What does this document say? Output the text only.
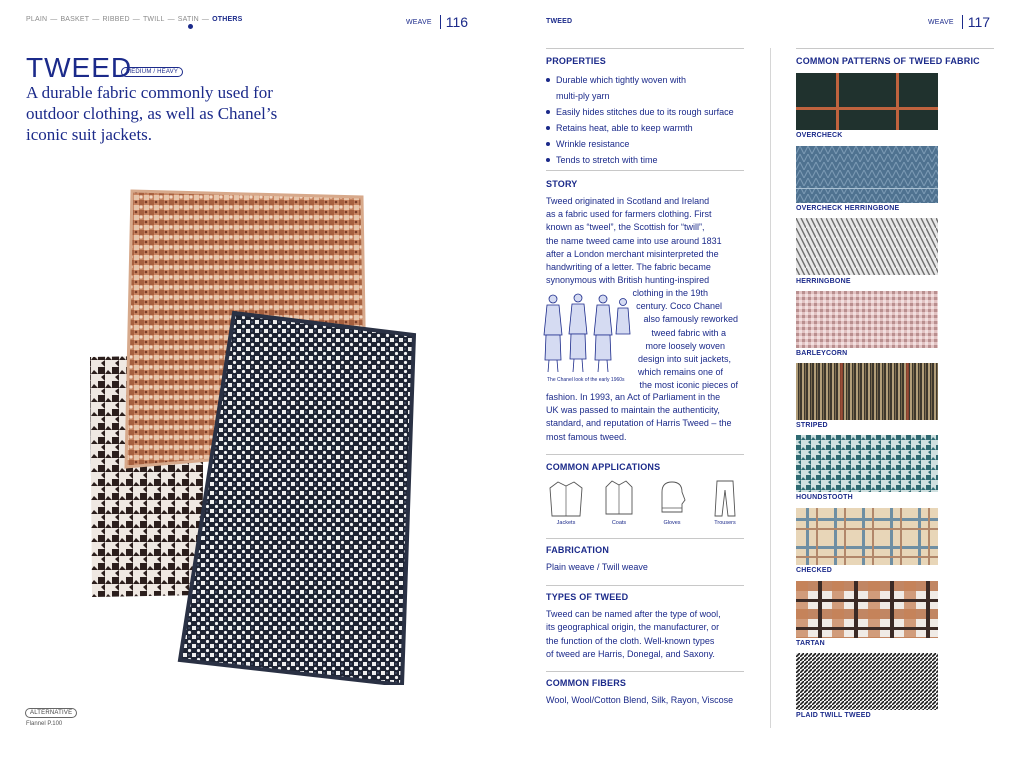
PLAIN — BASKET — RIBBED — TWILL — SATIN — OTHERS	WEAVE 116
TWEED
MEDIUM / HEAVY
A durable fabric commonly used for
outdoor clothing, as well as Chanel’s
iconic suit jackets.
ALTERNATIVE
Flannel P.100
TWEED
PROPERTIES
Durable which tightly woven with
multi-ply yarn
Easily hides stitches due to its rough surface
Retains heat, able to keep warmth
Wrinkle resistance
Tends to stretch with time
STORY
Tweed originated in Scotland and Ireland
as a fabric used for farmers clothing. First
known as “tweel”, the Scottish for “twill”,
the name tweed came into use around 1831
after a London merchant misinterpreted the
handwriting of a letter. The fabric became
synonymous with British hunting-inspired
clothing in the 19th
century. Coco Chanel
also famously reworked
tweed fabric with a
more loosely woven
design into suit jackets,
which remains one of
the most iconic pieces of
The Chanel look of the early 1960s
fashion. In 1993, an Act of Parliament in the
UK was passed to maintain the authenticity,
standard, and reputation of Harris Tweed – the
most famous tweed.
COMMON APPLICATIONS
Jackets	Coats	Gloves	Trousers
FABRICATION
Plain weave / Twill weave
TYPES OF TWEED
Tweed can be named after the type of wool,
its geographical origin, the manufacturer, or
the function of the cloth. Well-known types
of tweed are Harris, Donegal, and Saxony.
COMMON FIBERS
Wool, Wool/Cotton Blend, Silk, Rayon, Viscose
WEAVE 117
COMMON PATTERNS OF TWEED FABRIC
OVERCHECK
OVERCHECK HERRINGBONE
HERRINGBONE
BARLEYCORN
STRIPED
HOUNDSTOOTH
CHECKED
TARTAN
PLAID TWILL TWEED
